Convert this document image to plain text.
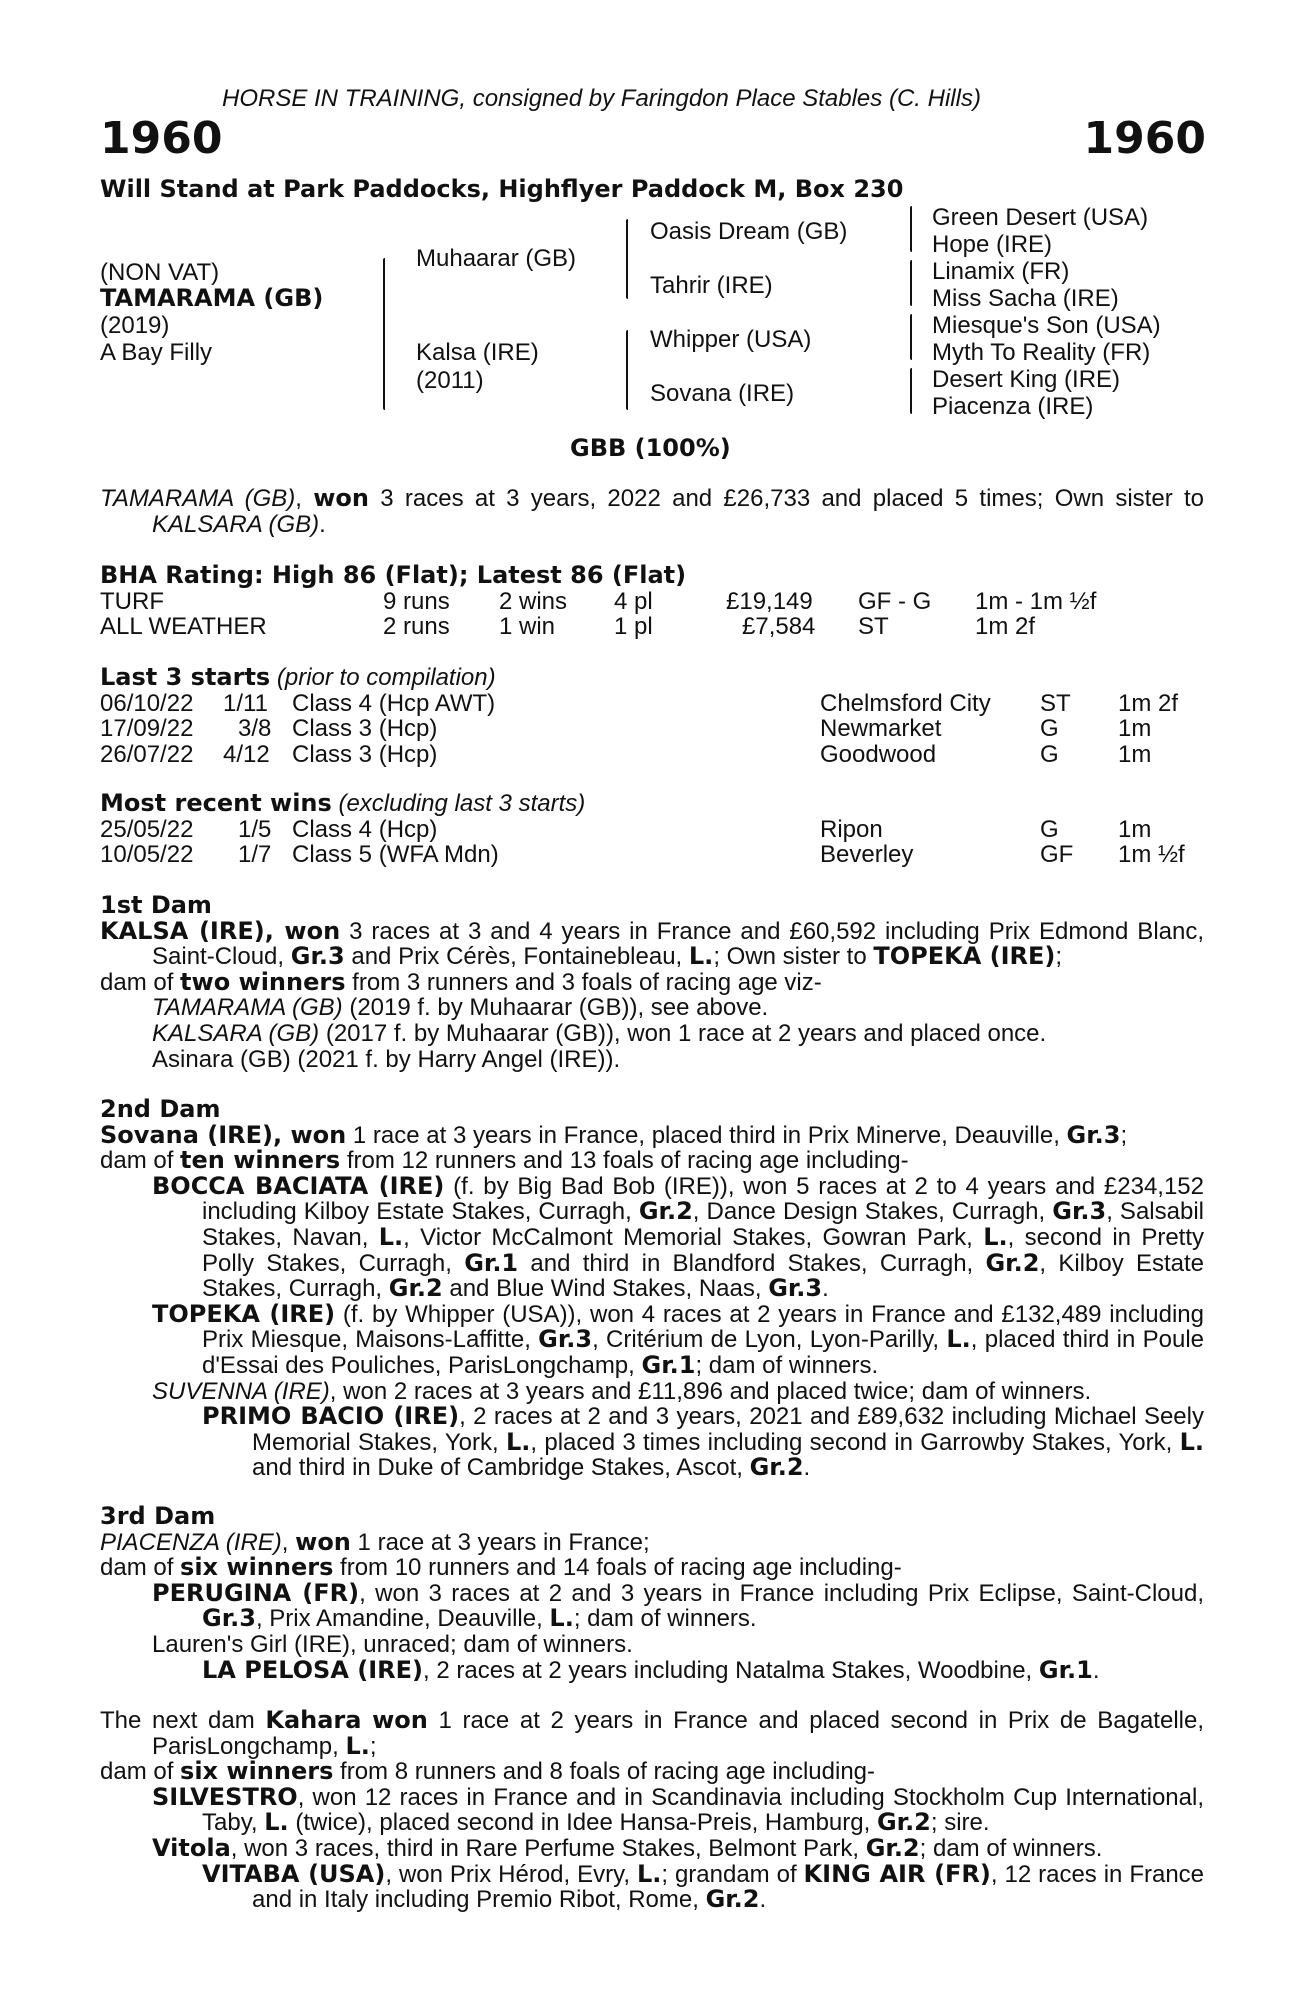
HORSE IN TRAINING, consigned by Faringdon Place Stables (C. Hills)
1960	1960
Will Stand at Park Paddocks, Highflyer Paddock M, Box 230
(NON VAT)
TAMARAMA (GB)
(2019)
A Bay Filly
Muhaarar (GB)
Kalsa (IRE)
(2011)
Oasis Dream (GB)
Tahrir (IRE)
Whipper (USA)
Sovana (IRE)
Green Desert (USA)
Hope (IRE)
Linamix (FR)
Miss Sacha (IRE)
Miesque's Son (USA)
Myth To Reality (FR)
Desert King (IRE)
Piacenza (IRE)
GBB (100%)

TAMARAMA (GB), won 3 races at 3 years, 2022 and £26,733 and placed 5 times; Own sister to KALSARA (GB).

BHA Rating: High 86 (Flat); Latest 86 (Flat)
TURF	9 runs 2 wins 4 pl	£19,149 GF - G 1m - 1m ½f
ALL WEATHER	2 runs 1 win 1 pl	£7,584 ST	1m 2f
Last 3 starts (prior to compilation)
06/10/22 1/11 Class 4 (Hcp AWT)	Chelmsford City ST 1m 2f
17/09/22 3/8 Class 3 (Hcp)	Newmarket	G 1m
26/07/22 4/12 Class 3 (Hcp)	Goodwood	G 1m
Most recent wins (excluding last 3 starts)
25/05/22 1/5 Class 4 (Hcp)	Ripon	G 1m
10/05/22 1/7 Class 5 (WFA Mdn)	Beverley	GF 1m ½f
1st Dam

KALSA (IRE), won 3 races at 3 and 4 years in France and £60,592 including Prix Edmond Blanc, Saint-Cloud, Gr.3 and Prix Cérès, Fontainebleau, L.; Own sister to TOPEKA (IRE);

dam of two winners from 3 runners and 3 foals of racing age viz-

TAMARAMA (GB) (2019 f. by Muhaarar (GB)), see above.

KALSARA (GB) (2017 f. by Muhaarar (GB)), won 1 race at 2 years and placed once.

Asinara (GB) (2021 f. by Harry Angel (IRE)).

2nd Dam

Sovana (IRE), won 1 race at 3 years in France, placed third in Prix Minerve, Deauville, Gr.3;

dam of ten winners from 12 runners and 13 foals of racing age including-

BOCCA BACIATA (IRE) (f. by Big Bad Bob (IRE)), won 5 races at 2 to 4 years and £234,152 including Kilboy Estate Stakes, Curragh, Gr.2, Dance Design Stakes, Curragh, Gr.3, Salsabil Stakes, Navan, L., Victor McCalmont Memorial Stakes, Gowran Park, L., second in Pretty Polly Stakes, Curragh, Gr.1 and third in Blandford Stakes, Curragh, Gr.2, Kilboy Estate Stakes, Curragh, Gr.2 and Blue Wind Stakes, Naas, Gr.3.

TOPEKA (IRE) (f. by Whipper (USA)), won 4 races at 2 years in France and £132,489 including Prix Miesque, Maisons-Laffitte, Gr.3, Critérium de Lyon, Lyon-Parilly, L., placed third in Poule d'Essai des Pouliches, ParisLongchamp, Gr.1; dam of winners.

SUVENNA (IRE), won 2 races at 3 years and £11,896 and placed twice; dam of winners.

PRIMO BACIO (IRE), 2 races at 2 and 3 years, 2021 and £89,632 including Michael Seely Memorial Stakes, York, L., placed 3 times including second in Garrowby Stakes, York, L. and third in Duke of Cambridge Stakes, Ascot, Gr.2.

3rd Dam

PIACENZA (IRE), won 1 race at 3 years in France;

dam of six winners from 10 runners and 14 foals of racing age including-

PERUGINA (FR), won 3 races at 2 and 3 years in France including Prix Eclipse, Saint-Cloud, Gr.3, Prix Amandine, Deauville, L.; dam of winners.

Lauren's Girl (IRE), unraced; dam of winners.

LA PELOSA (IRE), 2 races at 2 years including Natalma Stakes, Woodbine, Gr.1.

The next dam Kahara won 1 race at 2 years in France and placed second in Prix de Bagatelle, ParisLongchamp, L.;

dam of six winners from 8 runners and 8 foals of racing age including-

SILVESTRO, won 12 races in France and in Scandinavia including Stockholm Cup International, Taby, L. (twice), placed second in Idee Hansa-Preis, Hamburg, Gr.2; sire.

Vitola, won 3 races, third in Rare Perfume Stakes, Belmont Park, Gr.2; dam of winners.

VITABA (USA), won Prix Hérod, Evry, L.; grandam of KING AIR (FR), 12 races in France and in Italy including Premio Ribot, Rome, Gr.2.
